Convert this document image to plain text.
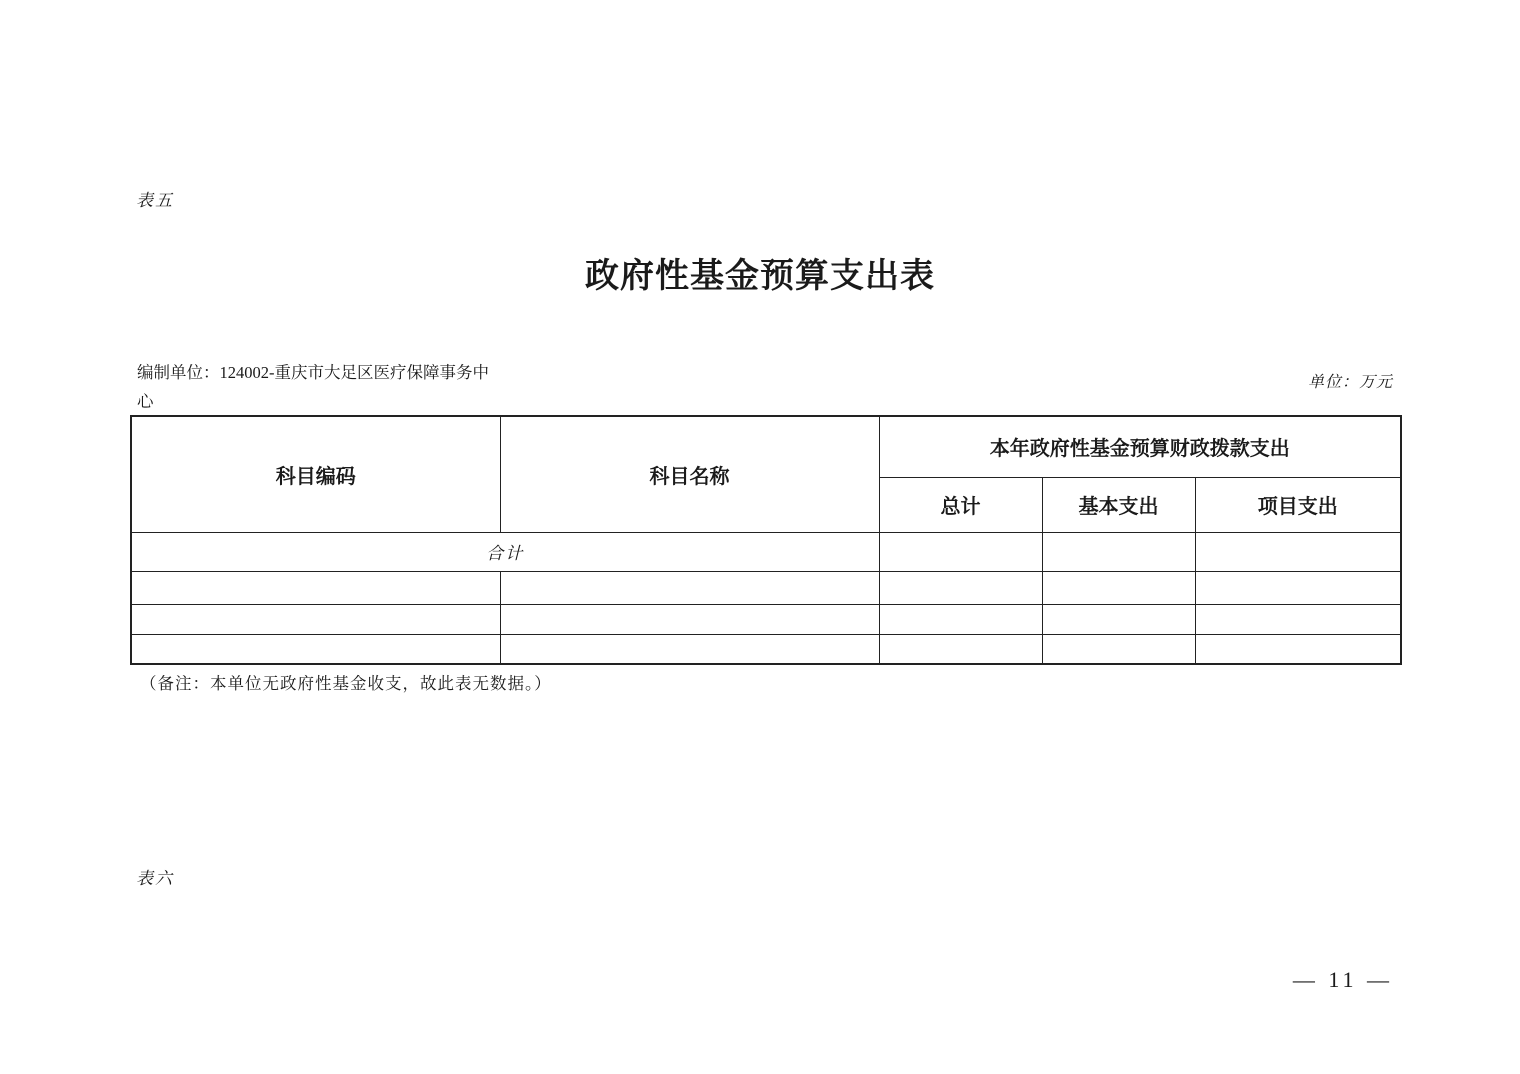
表五
政府性基金预算支出表
编制单位：124002-重庆市大足区医疗保障事务中
心
单位：万元
科目编码	科目名称	本年政府性基金预算财政拨款支出		
		总计	基本支出	项目支出
合计				

（备注：本单位无政府性基金收支，故此表无数据。）
表六
— 11 —
